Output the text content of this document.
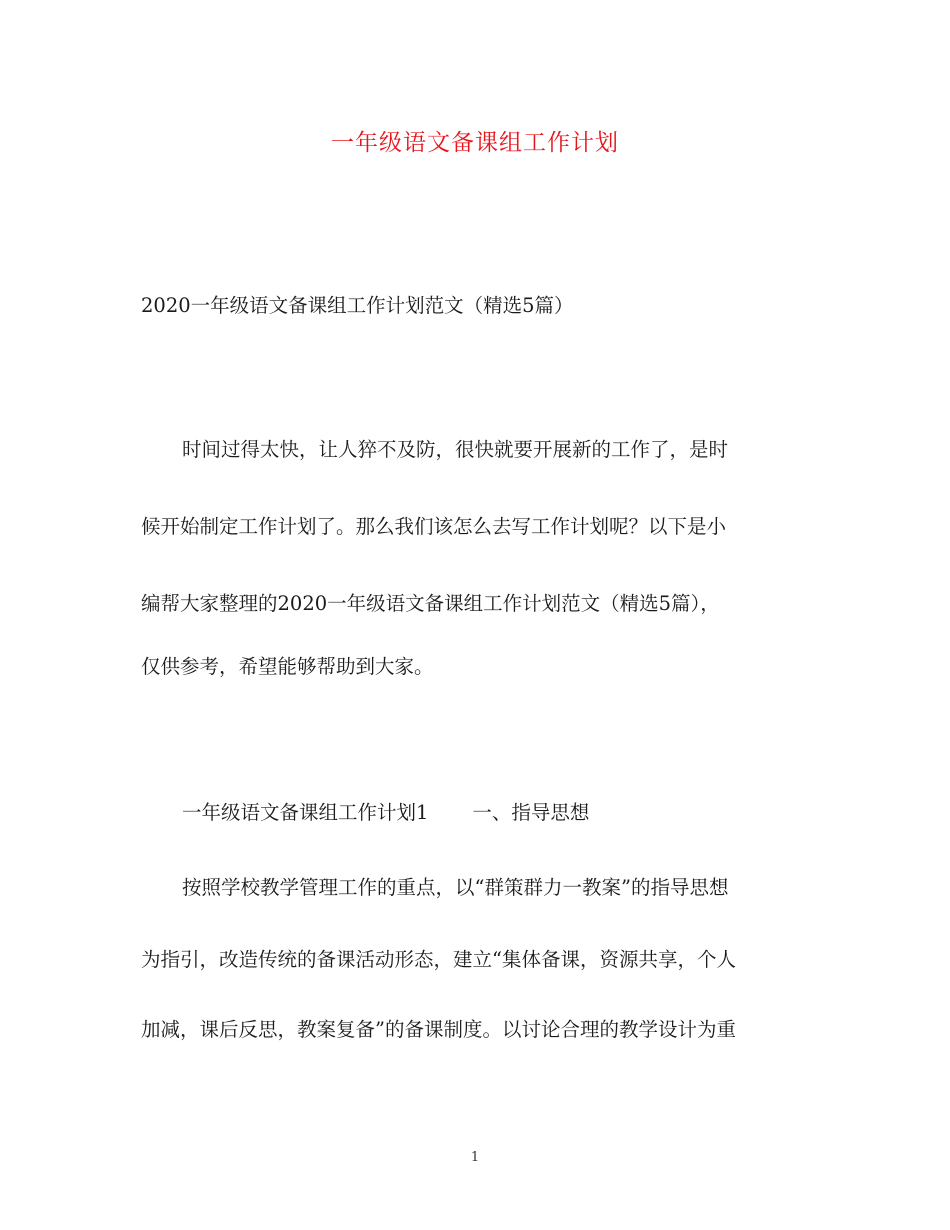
一年级语文备课组工作计划
2020一年级语文备课组工作计划范文（精选5篇）
时间过得太快，让人猝不及防，很快就要开展新的工作了，是时
候开始制定工作计划了。那么我们该怎么去写工作计划呢？以下是小
编帮大家整理的2020一年级语文备课组工作计划范文（精选5篇），
仅供参考，希望能够帮助到大家。
一年级语文备课组工作计划1 一、指导思想
按照学校教学管理工作的重点，以“群策群力一教案”的指导思想
为指引，改造传统的备课活动形态，建立“集体备课，资源共享，个人
加减，课后反思，教案复备”的备课制度。以讨论合理的教学设计为重
1
